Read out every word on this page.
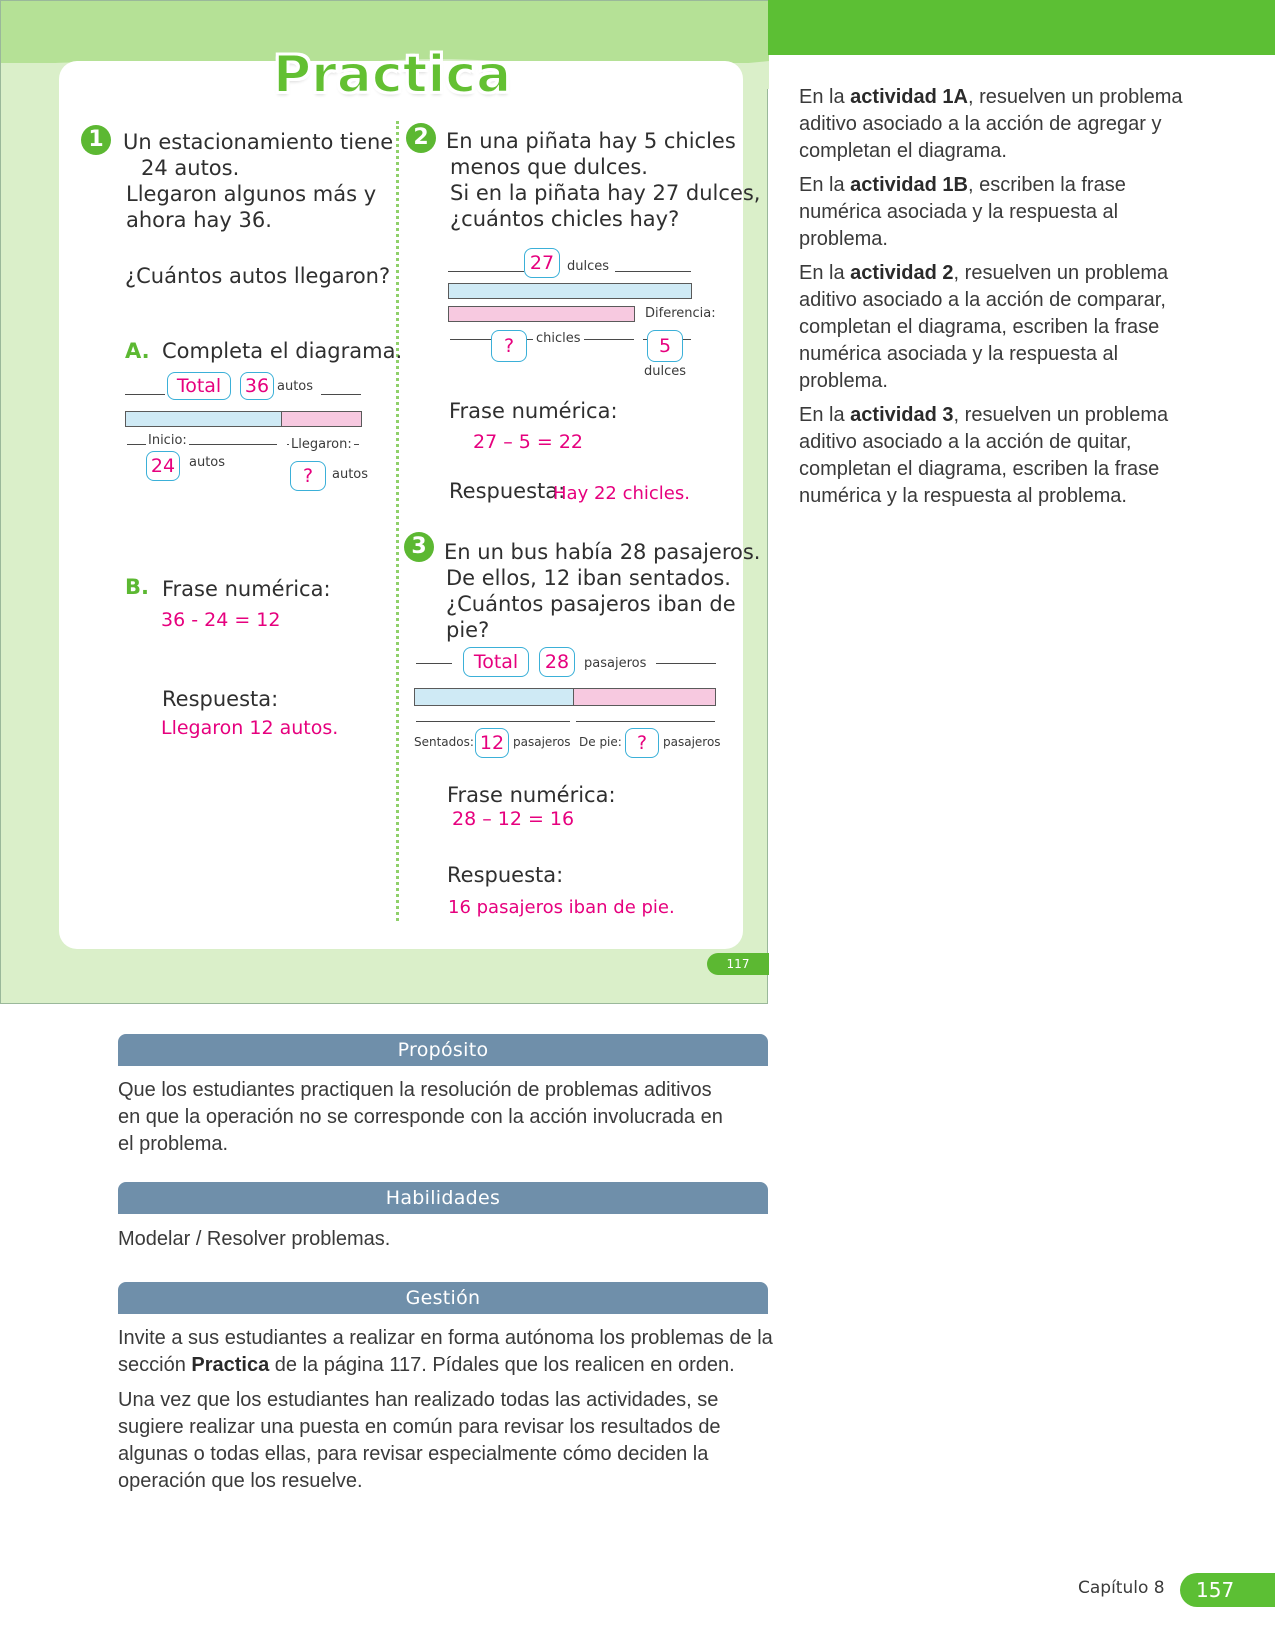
Practica
1 Un estacionamiento tiene
24 autos.
Llegaron algunos más y
ahora hay 36.
¿Cuántos autos llegaron?
A. Completa el diagrama.
Total	36 autos
Inicio:	Llegaron:
24	autos
?	autos
B. Frase numérica:
36 - 24 = 12
Respuesta:
Llegaron 12 autos.
2 En una piñata hay 5 chicles
menos que dulces.
Si en la piñata hay 27 dulces,
¿cuántos chicles hay?
27 dulces
Diferencia:
?	chicles	5
dulces
Frase numérica:
27 – 5 = 22
Respuesta:
Hay 22 chicles.
3 En un bus había 28 pasajeros.
De ellos, 12 iban sentados.
¿Cuántos pasajeros iban de pie?
Total	28	pasajeros
Sentados: 12 pasajeros De pie: ?	pasajeros
Frase numérica:
28 – 12 = 16
Respuesta:
16 pasajeros iban de pie.
117

En la actividad 1A, resuelven un problema aditivo asociado a la acción de agregar y completan el diagrama.

En la actividad 1B, escriben la frase numérica asociada y la respuesta al problema.

En la actividad 2, resuelven un problema aditivo asociado a la acción de comparar, completan el diagrama, escriben la frase numérica asociada y la respuesta al problema.

En la actividad 3, resuelven un problema aditivo asociado a la acción de quitar, completan el diagrama, escriben la frase numérica y la respuesta al problema.

Propósito
Que los estudiantes practiquen la resolución de problemas aditivos en que la operación no se corresponde con la acción involucrada en el problema.
Habilidades
Modelar / Resolver problemas.
Gestión

Invite a sus estudiantes a realizar en forma autónoma los problemas de la sección Practica de la página 117. Pídales que los realicen en orden.

Una vez que los estudiantes han realizado todas las actividades, se sugiere realizar una puesta en común para revisar los resultados de algunas o todas ellas, para revisar especialmente cómo deciden la operación que los resuelve.

Capítulo 8	157
